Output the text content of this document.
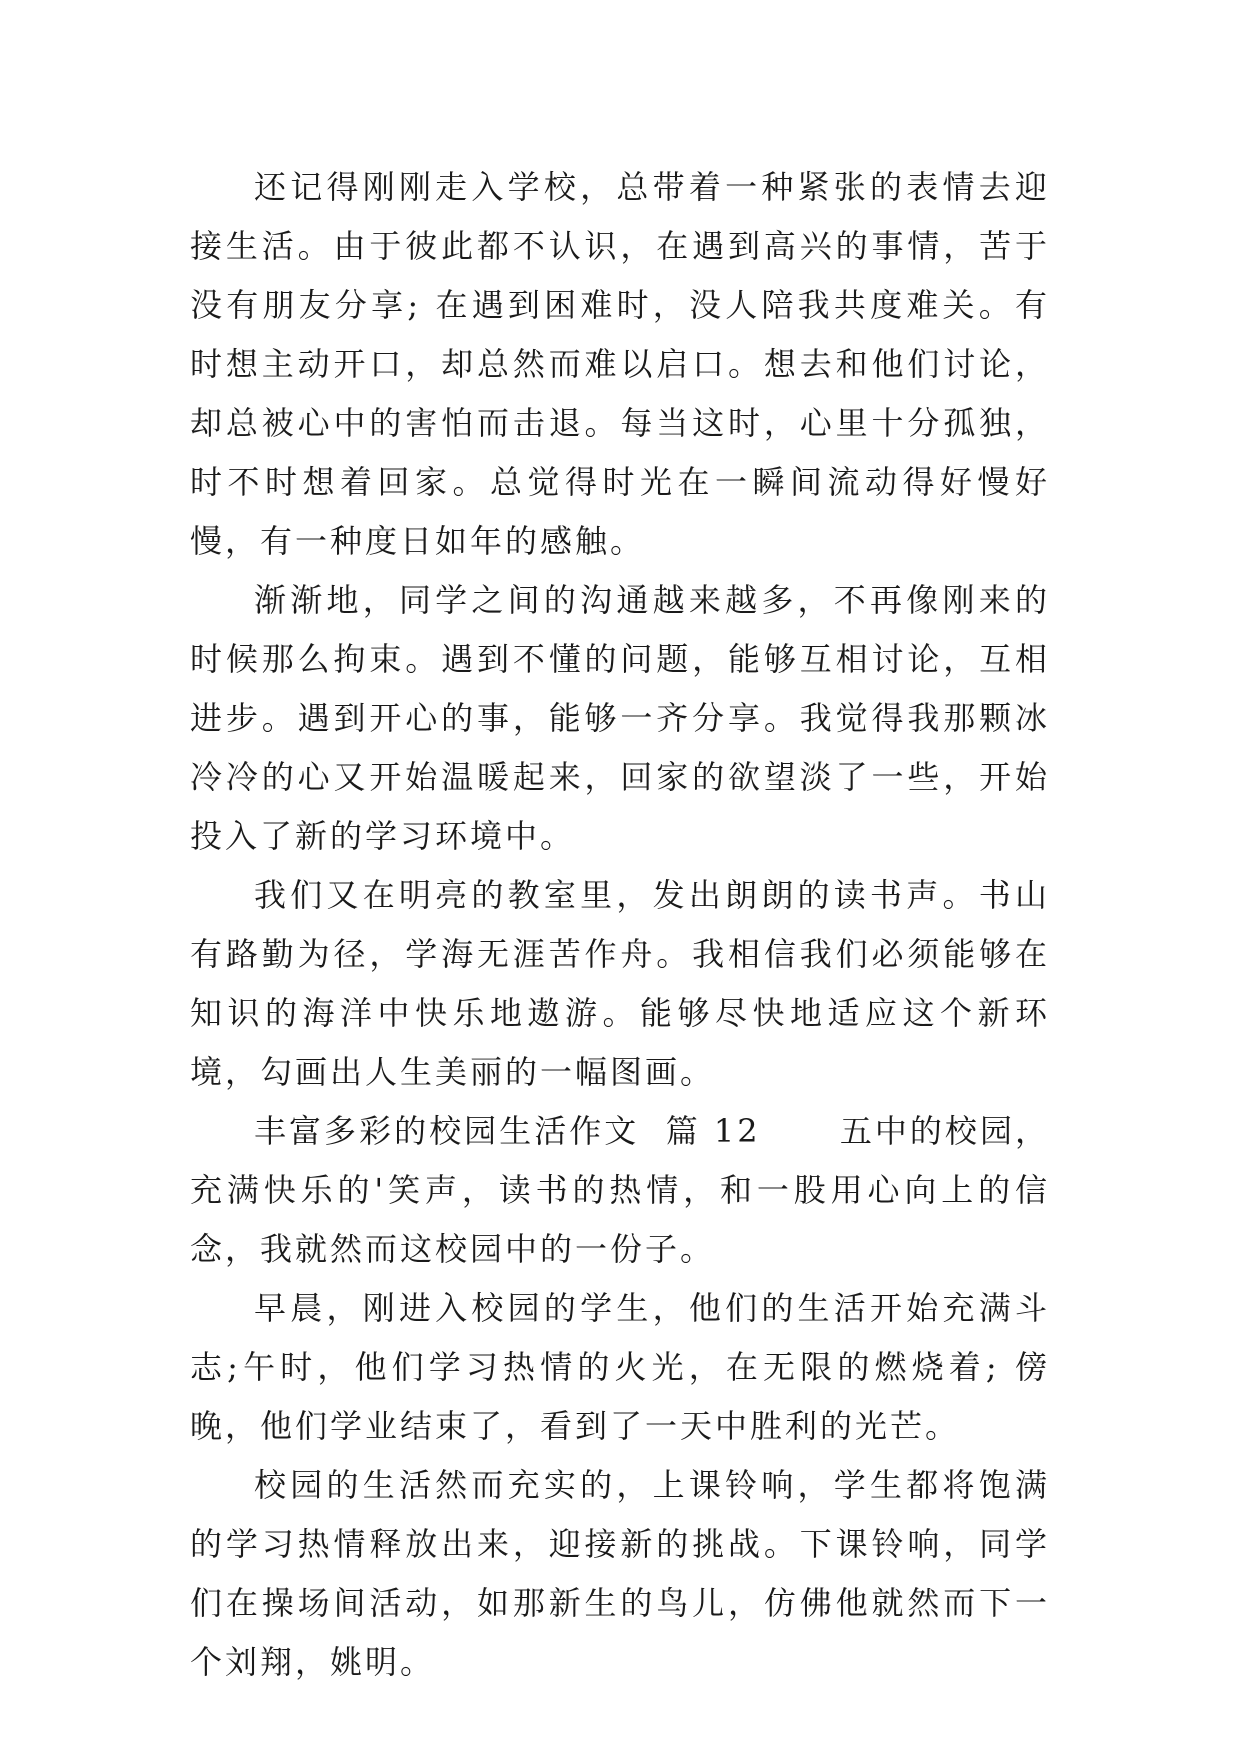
还记得刚刚走入学校，总带着一种紧张的表情去迎接生活。由于彼此都不认识，在遇到高兴的事情，苦于没有朋友分享; 在遇到困难时，没人陪我共度难关。有时想主动开口，却总然而难以启口。想去和他们讨论，却总被心中的害怕而击退。每当这时，心里十分孤独，时不时想着回家。总觉得时光在一瞬间流动得好慢好慢，有一种度日如年的感触。

渐渐地，同学之间的沟通越来越多，不再像刚来的时候那么拘束。遇到不懂的问题，能够互相讨论，互相进步。遇到开心的事，能够一齐分享。我觉得我那颗冰冷冷的心又开始温暖起来，回家的欲望淡了一些，开始投入了新的学习环境中。

我们又在明亮的教室里，发出朗朗的读书声。书山有路勤为径，学海无涯苦作舟。我相信我们必须能够在知识的海洋中快乐地遨游。能够尽快地适应这个新环境，勾画出人生美丽的一幅图画。

丰富多彩的校园生活作文  篇 12      五中的校园，充满快乐的'笑声，读书的热情，和一股用心向上的信念，我就然而这校园中的一份子。

早晨，刚进入校园的学生，他们的生活开始充满斗志;午时，他们学习热情的火光，在无限的燃烧着; 傍晚，他们学业结束了，看到了一天中胜利的光芒。

校园的生活然而充实的，上课铃响，学生都将饱满的学习热情释放出来，迎接新的挑战。下课铃响，同学们在操场间活动，如那新生的鸟儿，仿佛他就然而下一个刘翔，姚明。
